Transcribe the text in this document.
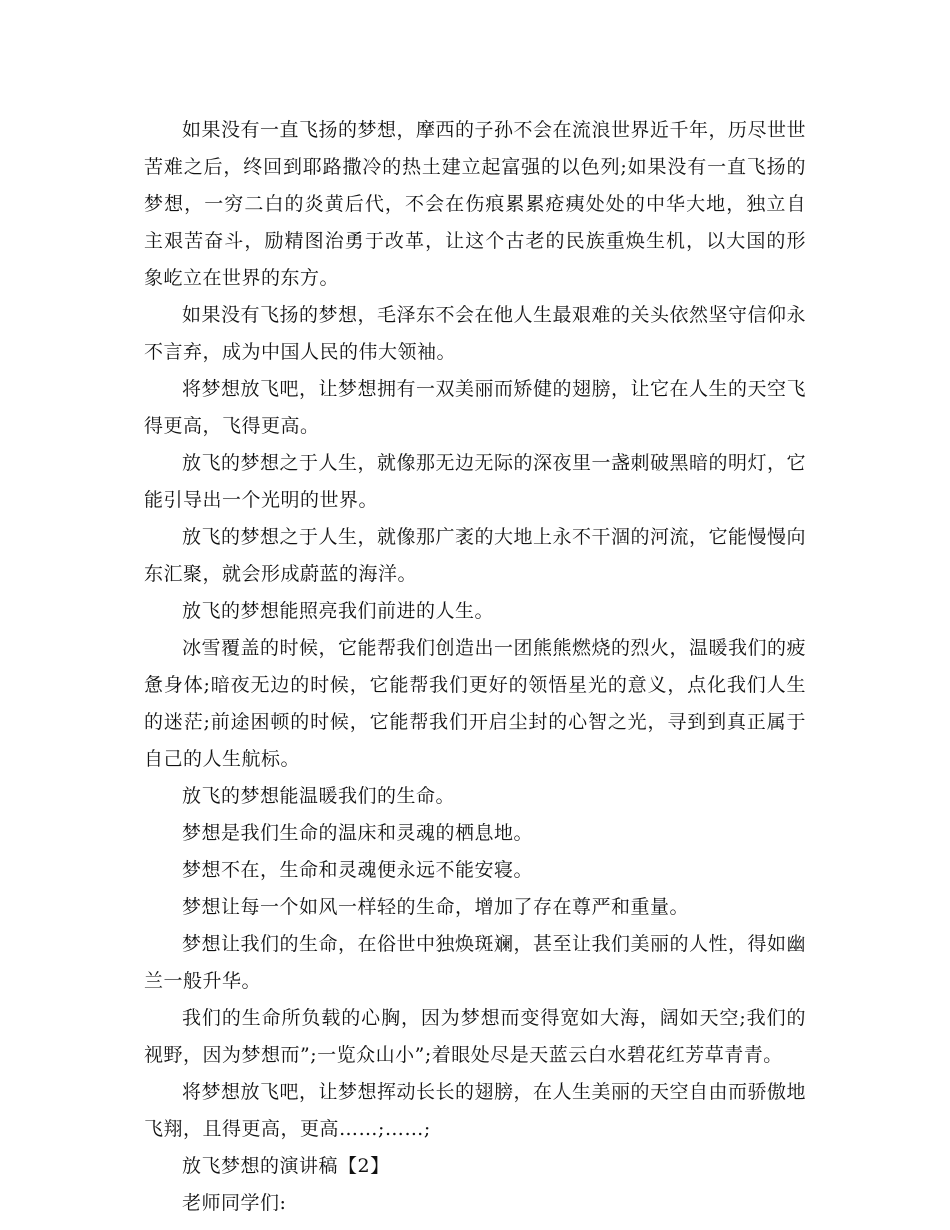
如果没有一直飞扬的梦想，摩西的子孙不会在流浪世界近千年，历尽世世苦难之后，终回到耶路撒冷的热土建立起富强的以色列;如果没有一直飞扬的梦想，一穷二白的炎黄后代，不会在伤痕累累疮痍处处的中华大地，独立自主艰苦奋斗，励精图治勇于改革，让这个古老的民族重焕生机，以大国的形象屹立在世界的东方。

如果没有飞扬的梦想，毛泽东不会在他人生最艰难的关头依然坚守信仰永不言弃，成为中国人民的伟大领袖。

将梦想放飞吧，让梦想拥有一双美丽而矫健的翅膀，让它在人生的天空飞得更高，飞得更高。

放飞的梦想之于人生，就像那无边无际的深夜里一盏刺破黑暗的明灯，它能引导出一个光明的世界。

放飞的梦想之于人生，就像那广袤的大地上永不干涸的河流，它能慢慢向东汇聚，就会形成蔚蓝的海洋。

放飞的梦想能照亮我们前进的人生。

冰雪覆盖的时候，它能帮我们创造出一团熊熊燃烧的烈火，温暖我们的疲惫身体;暗夜无边的时候，它能帮我们更好的领悟星光的意义，点化我们人生的迷茫;前途困顿的时候，它能帮我们开启尘封的心智之光，寻到到真正属于自己的人生航标。

放飞的梦想能温暖我们的生命。

梦想是我们生命的温床和灵魂的栖息地。

梦想不在，生命和灵魂便永远不能安寝。

梦想让每一个如风一样轻的生命，增加了存在尊严和重量。

梦想让我们的生命，在俗世中独焕斑斓，甚至让我们美丽的人性，得如幽兰一般升华。

我们的生命所负载的心胸，因为梦想而变得宽如大海，阔如天空;我们的视野，因为梦想而”;一览众山小”;着眼处尽是天蓝云白水碧花红芳草青青。

将梦想放飞吧，让梦想挥动长长的翅膀，在人生美丽的天空自由而骄傲地飞翔，且得更高，更高……;……;

放飞梦想的演讲稿【2】

老师同学们:
